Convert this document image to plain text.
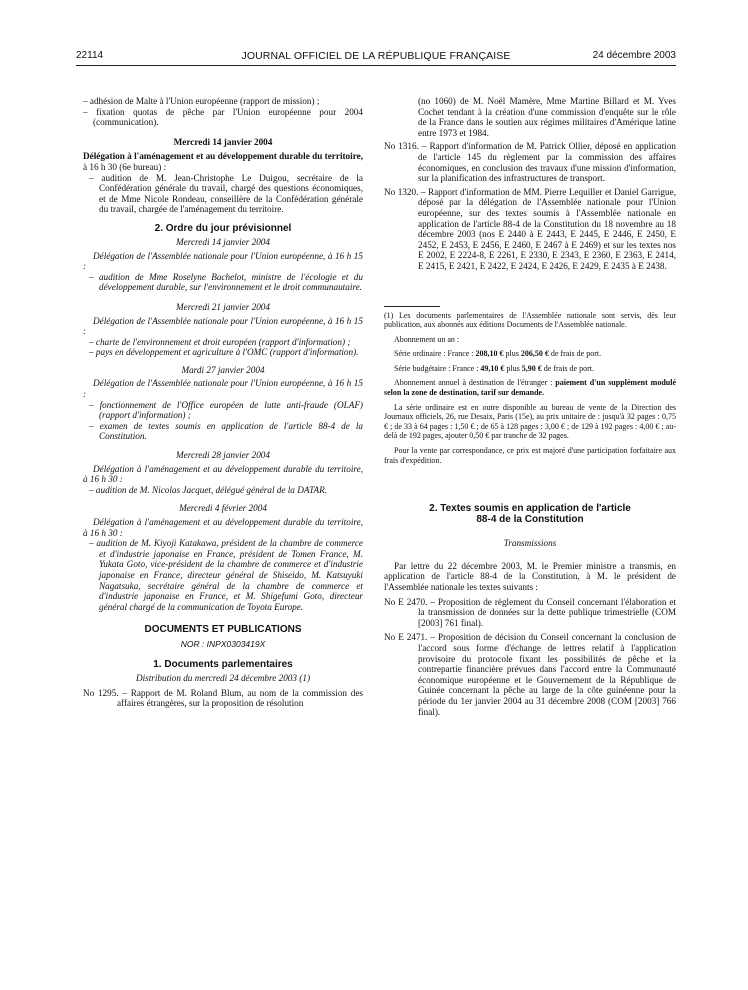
22114	JOURNAL OFFICIEL DE LA RÉPUBLIQUE FRANÇAISE	24 décembre 2003

– adhésion de Malte à l'Union européenne (rapport de mission) ;

– fixation quotas de pêche par l'Union européenne pour 2004 (communication).

Mercredi 14 janvier 2004

Délégation à l'aménagement et au développement durable du territoire, à 16 h 30 (6e bureau) :

– audition de M. Jean-Christophe Le Duigou, secrétaire de la Confédération générale du travail, chargé des questions économiques, et de Mme Nicole Rondeau, conseillère de la Confédération générale du travail, chargée de l'aménagement du territoire.

2. Ordre du jour prévisionnel

Mercredi 14 janvier 2004

Délégation de l'Assemblée nationale pour l'Union européenne, à 16 h 15 :

– audition de Mme Roselyne Bachelot, ministre de l'écologie et du développement durable, sur l'environnement et le droit communautaire.

Mercredi 21 janvier 2004

Délégation de l'Assemblée nationale pour l'Union européenne, à 16 h 15 :

– charte de l'environnement et droit européen (rapport d'information) ;

– pays en développement et agriculture à l'OMC (rapport d'information).

Mardi 27 janvier 2004

Délégation de l'Assemblée nationale pour l'Union européenne, à 16 h 15 :

– fonctionnement de l'Office européen de lutte anti-fraude (OLAF) (rapport d'information) ;

– examen de textes soumis en application de l'article 88-4 de la Constitution.

Mercredi 28 janvier 2004

Délégation à l'aménagement et au développement durable du territoire, à 16 h 30 :

– audition de M. Nicolas Jacquet, délégué général de la DATAR.

Mercredi 4 février 2004

Délégation à l'aménagement et au développement durable du territoire, à 16 h 30 :

– audition de M. Kiyoji Katakawa, président de la chambre de commerce et d'industrie japonaise en France, président de Tomen France, M. Yukata Goto, vice-président de la chambre de commerce et d'industrie japonaise en France, directeur général de Shiseido, M. Katsuyuki Nagatsuka, secrétaire général de la chambre de commerce et d'industrie japonaise en France, et M. Shigefumi Goto, directeur général chargé de la communication de Toyota Europe.

DOCUMENTS ET PUBLICATIONS

NOR : INPX0303419X

1. Documents parlementaires

Distribution du mercredi 24 décembre 2003 (1)

No 1295. – Rapport de M. Roland Blum, au nom de la commission des affaires étrangères, sur la proposition de résolution

(no 1060) de M. Noël Mamère, Mme Martine Billard et M. Yves Cochet tendant à la création d'une commission d'enquête sur le rôle de la France dans le soutien aux régimes militaires d'Amérique latine entre 1973 et 1984.

No 1316. – Rapport d'information de M. Patrick Ollier, déposé en application de l'article 145 du règlement par la commission des affaires économiques, en conclusion des travaux d'une mission d'information, sur la planification des infrastructures de transport.

No 1320. – Rapport d'information de MM. Pierre Lequiller et Daniel Garrigue, déposé par la délégation de l'Assemblée nationale pour l'Union européenne, sur des textes soumis à l'Assemblée nationale en application de l'article 88-4 de la Constitution du 18 novembre au 18 décembre 2003 (nos E 2440 à E 2443, E 2445, E 2446, E 2450, E 2452, E 2453, E 2456, E 2460, E 2467 à E 2469) et sur les textes nos E 2002, E 2224-8, E 2261, E 2330, E 2343, E 2360, E 2363, E 2414, E 2415, E 2421, E 2422, E 2424, E 2426, E 2429, E 2435 à E 2438.

(1) Les documents parlementaires de l'Assemblée nationale sont servis, dès leur publication, aux abonnés aux éditions Documents de l'Assemblée nationale.

Abonnement un an :

Série ordinaire : France : 208,10 € plus 206,50 € de frais de port.

Série budgétaire : France : 49,10 € plus 5,90 € de frais de port.

Abonnement annuel à destination de l'étranger : paiement d'un supplément modulé selon la zone de destination, tarif sur demande.

La série ordinaire est en outre disponible au bureau de vente de la Direction des Journaux officiels, 26, rue Desaix, Paris (15e), au prix unitaire de : jusqu'à 32 pages : 0,75 € ; de 33 à 64 pages : 1,50 € ; de 65 à 128 pages : 3,00 € ; de 129 à 192 pages : 4,00 € ; au-delà de 192 pages, ajouter 0,50 € par tranche de 32 pages.

Pour la vente par correspondance, ce prix est majoré d'une participation forfaitaire aux frais d'expédition.

2. Textes soumis en application de l'article 88-4 de la Constitution

Transmissions

Par lettre du 22 décembre 2003, M. le Premier ministre a transmis, en application de l'article 88-4 de la Constitution, à M. le président de l'Assemblée nationale les textes suivants :

No E 2470. – Proposition de règlement du Conseil concernant l'élaboration et la transmission de données sur la dette publique trimestrielle (COM [2003] 761 final).

No E 2471. – Proposition de décision du Conseil concernant la conclusion de l'accord sous forme d'échange de lettres relatif à l'application provisoire du protocole fixant les possibilités de pêche et la contrepartie financière prévues dans l'accord entre la Communauté économique européenne et le Gouvernement de la République de Guinée concernant la pêche au large de la côte guinéenne pour la période du 1er janvier 2004 au 31 décembre 2008 (COM [2003] 766 final).
